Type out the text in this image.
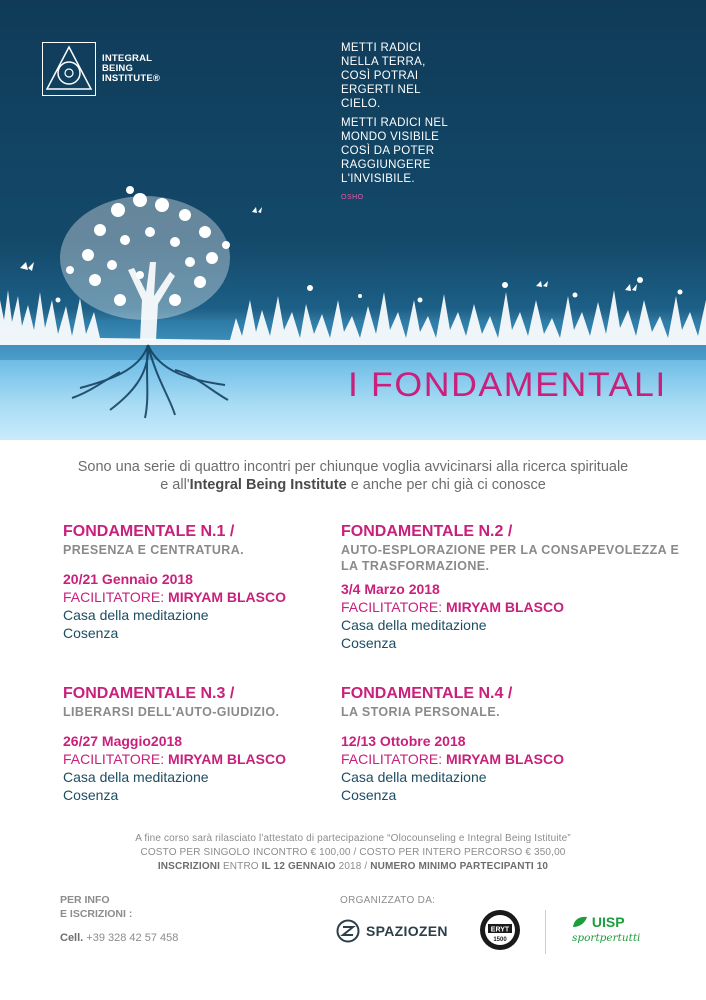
INTEGRAL
BEING
INSTITUTE®

METTI RADICI NELLA TERRA, COSÌ POTRAI ERGERTI NEL CIELO.

METTI RADICI NEL MONDO VISIBILE COSÌ DA POTER RAGGIUNGERE L'INVISIBILE.

OSHO
I FONDAMENTALI
Sono una serie di quattro incontri per chiunque voglia avvicinarsi alla ricerca spirituale
e all'Integral Being Institute e anche per chi già ci conosce
FONDAMENTALE N.1 /
PRESENZA E CENTRATURA.
20/21 Gennaio 2018
FACILITATORE: MIRYAM BLASCO
Casa della meditazione
Cosenza
FONDAMENTALE N.2 /
AUTO-ESPLORAZIONE PER LA CONSAPEVOLEZZA E LA TRASFORMAZIONE.
3/4 Marzo 2018
FACILITATORE: MIRYAM BLASCO
Casa della meditazione
Cosenza
FONDAMENTALE N.3 /
LIBERARSI DELL'AUTO-GIUDIZIO.
26/27 Maggio2018
FACILITATORE: MIRYAM BLASCO
Casa della meditazione
Cosenza
FONDAMENTALE N.4 /
LA STORIA PERSONALE.
12/13 Ottobre 2018
FACILITATORE: MIRYAM BLASCO
Casa della meditazione
Cosenza
A fine corso sarà rilasciato l'attestato di partecipazione “Olocounseling e Integral Being Istituite”
COSTO PER SINGOLO INCONTRO € 100,00 / COSTO PER INTERO PERCORSO € 350,00
INSCRIZIONI ENTRO IL 12 GENNAIO 2018 / NUMERO MINIMO PARTECIPANTI 10
PER INFO
E ISCRIZIONI :
Cell. +39 328 42 57 458
ORGANIZZATO DA:
SPAZIOZEN	ERYT
1500
UISP
sportpertutti
